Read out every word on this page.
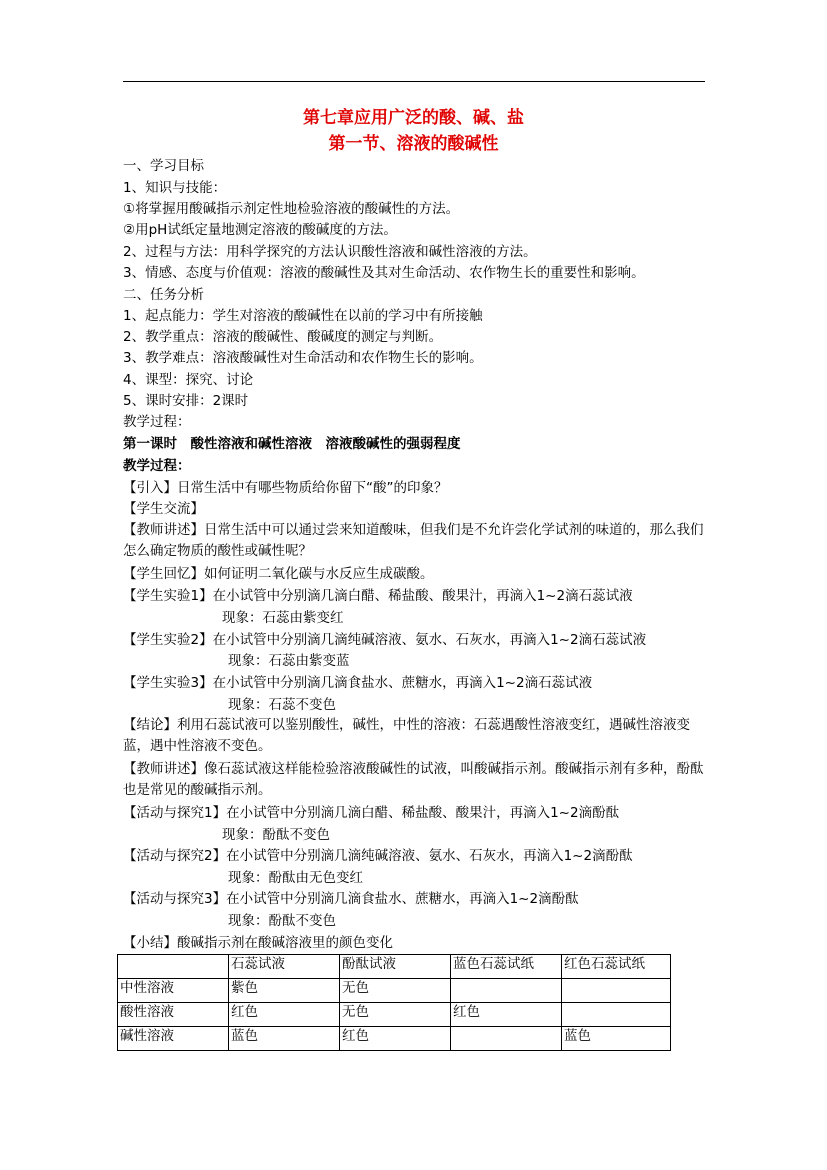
第七章应用广泛的酸、碱、盐
第一节、溶液的酸碱性
一、学习目标
1、知识与技能：
①将掌握用酸碱指示剂定性地检验溶液的酸碱性的方法。
②用pH试纸定量地测定溶液的酸碱度的方法。
2、过程与方法：用科学探究的方法认识酸性溶液和碱性溶液的方法。
3、情感、态度与价值观：溶液的酸碱性及其对生命活动、农作物生长的重要性和影响。
二、任务分析
1、起点能力：学生对溶液的酸碱性在以前的学习中有所接触
2、教学重点：溶液的酸碱性、酸碱度的测定与判断。
3、教学难点：溶液酸碱性对生命活动和农作物生长的影响。
4、课型：探究、讨论
5、课时安排：2课时
教学过程：
第一课时　酸性溶液和碱性溶液　溶液酸碱性的强弱程度
教学过程：
【引入】日常生活中有哪些物质给你留下“酸”的印象？
【学生交流】
【教师讲述】日常生活中可以通过尝来知道酸味，但我们是不允许尝化学试剂的味道的，那么我们怎么确定物质的酸性或碱性呢？
【学生回忆】如何证明二氧化碳与水反应生成碳酸。
【学生实验1】在小试管中分别滴几滴白醋、稀盐酸、酸果汁，再滴入1~2滴石蕊试液
现象：石蕊由紫变红
【学生实验2】在小试管中分别滴几滴纯碱溶液、氨水、石灰水，再滴入1~2滴石蕊试液
现象：石蕊由紫变蓝
【学生实验3】在小试管中分别滴几滴食盐水、蔗糖水，再滴入1~2滴石蕊试液
现象：石蕊不变色
【结论】利用石蕊试液可以鉴别酸性，碱性，中性的溶液：石蕊遇酸性溶液变红，遇碱性溶液变蓝，遇中性溶液不变色。
【教师讲述】像石蕊试液这样能检验溶液酸碱性的试液，叫酸碱指示剂。酸碱指示剂有多种，酚酞也是常见的酸碱指示剂。
【活动与探究1】在小试管中分别滴几滴白醋、稀盐酸、酸果汁，再滴入1~2滴酚酞
现象：酚酞不变色
【活动与探究2】在小试管中分别滴几滴纯碱溶液、氨水、石灰水，再滴入1~2滴酚酞
现象：酚酞由无色变红
【活动与探究3】在小试管中分别滴几滴食盐水、蔗糖水，再滴入1~2滴酚酞
现象：酚酞不变色
【小结】酸碱指示剂在酸碱溶液里的颜色变化
	石蕊试液	酚酞试液	蓝色石蕊试纸	红色石蕊试纸
中性溶液	紫色	无色		
酸性溶液	红色	无色	红色	
碱性溶液	蓝色	红色		蓝色
